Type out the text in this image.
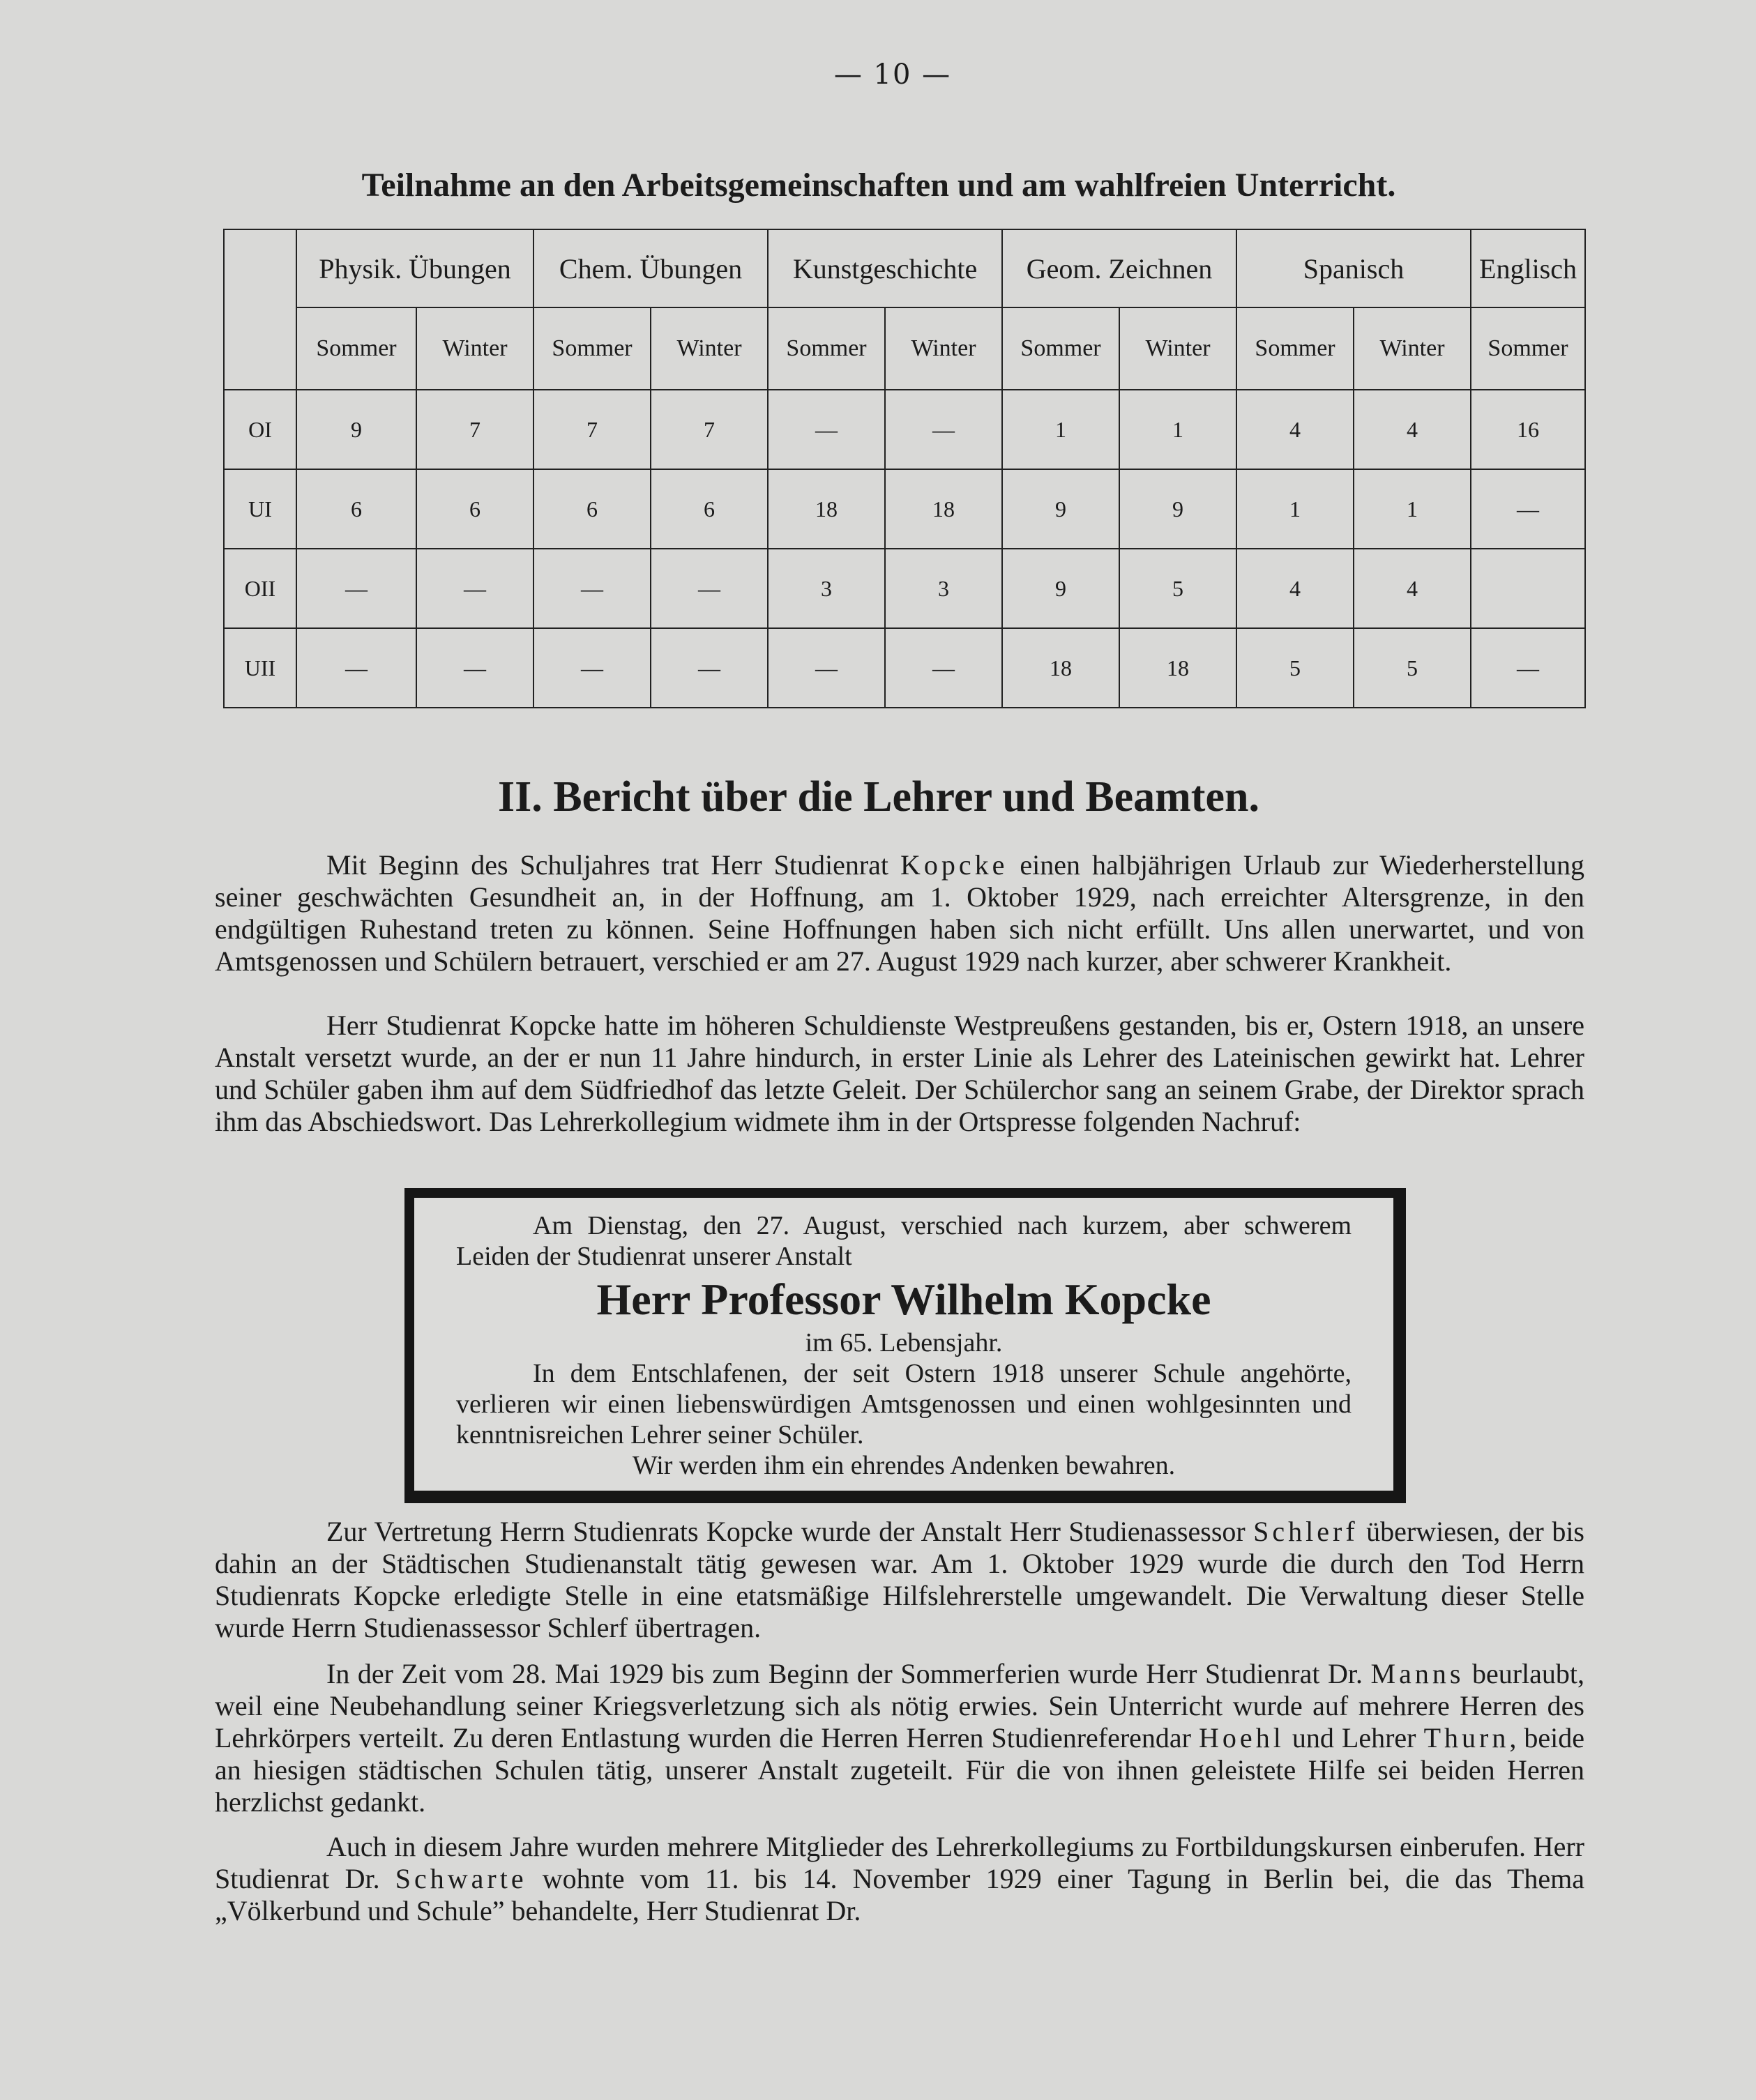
— 10 —
Teilnahme an den Arbeitsgemeinschaften und am wahlfreien Unterricht.
	Physik. Übungen		Chem. Übungen		Kunstgeschichte		Geom. Zeichnen		Spanisch		Englisch
	Sommer	Winter	Sommer	Winter	Sommer	Winter	Sommer	Winter	Sommer	Winter	Sommer
OI	9	7	7	7	—	—	1	1	4	4	16
UI	6	6	6	6	18	18	9	9	1	1	—
OII	—	—	—	—	3	3	9	5	4	4	
UII	—	—	—	—	—	—	18	18	5	5	—
II. Bericht über die Lehrer und Beamten.

Mit Beginn des Schuljahres trat Herr Studienrat Kopcke einen halbjährigen Urlaub zur Wiederherstellung seiner geschwächten Gesundheit an, in der Hoffnung, am 1. Oktober 1929, nach erreichter Altersgrenze, in den endgültigen Ruhestand treten zu können. Seine Hoffnungen haben sich nicht erfüllt. Uns allen unerwartet, und von Amtsgenossen und Schülern betrauert, verschied er am 27. August 1929 nach kurzer, aber schwerer Krankheit.

Herr Studienrat Kopcke hatte im höheren Schuldienste Westpreußens gestanden, bis er, Ostern 1918, an unsere Anstalt versetzt wurde, an der er nun 11 Jahre hindurch, in erster Linie als Lehrer des Lateinischen gewirkt hat. Lehrer und Schüler gaben ihm auf dem Südfriedhof das letzte Geleit. Der Schülerchor sang an seinem Grabe, der Direktor sprach ihm das Abschiedswort. Das Lehrerkollegium widmete ihm in der Ortspresse folgenden Nachruf:

Am Dienstag, den 27. August, verschied nach kurzem, aber schwerem Leiden der Studienrat unserer Anstalt

Herr Professor Wilhelm Kopcke

im 65. Lebensjahr.

In dem Entschlafenen, der seit Ostern 1918 unserer Schule angehörte, verlieren wir einen liebenswürdigen Amtsgenossen und einen wohlgesinnten und kenntnisreichen Lehrer seiner Schüler.

Wir werden ihm ein ehrendes Andenken bewahren.

Zur Vertretung Herrn Studienrats Kopcke wurde der Anstalt Herr Studienassessor Schlerf überwiesen, der bis dahin an der Städtischen Studienanstalt tätig gewesen war. Am 1. Oktober 1929 wurde die durch den Tod Herrn Studienrats Kopcke erledigte Stelle in eine etatsmäßige Hilfslehrerstelle umgewandelt. Die Verwaltung dieser Stelle wurde Herrn Studienassessor Schlerf übertragen.

In der Zeit vom 28. Mai 1929 bis zum Beginn der Sommerferien wurde Herr Studienrat Dr. Manns beurlaubt, weil eine Neubehandlung seiner Kriegsverletzung sich als nötig erwies. Sein Unterricht wurde auf mehrere Herren des Lehrkörpers verteilt. Zu deren Entlastung wurden die Herren Herren Studienreferendar Hoehl und Lehrer Thurn, beide an hiesigen städtischen Schulen tätig, unserer Anstalt zugeteilt. Für die von ihnen geleistete Hilfe sei beiden Herren herzlichst gedankt.

Auch in diesem Jahre wurden mehrere Mitglieder des Lehrerkollegiums zu Fortbildungskursen einberufen. Herr Studienrat Dr. Schwarte wohnte vom 11. bis 14. November 1929 einer Tagung in Berlin bei, die das Thema „Völkerbund und Schule” behandelte, Herr Studienrat Dr.
